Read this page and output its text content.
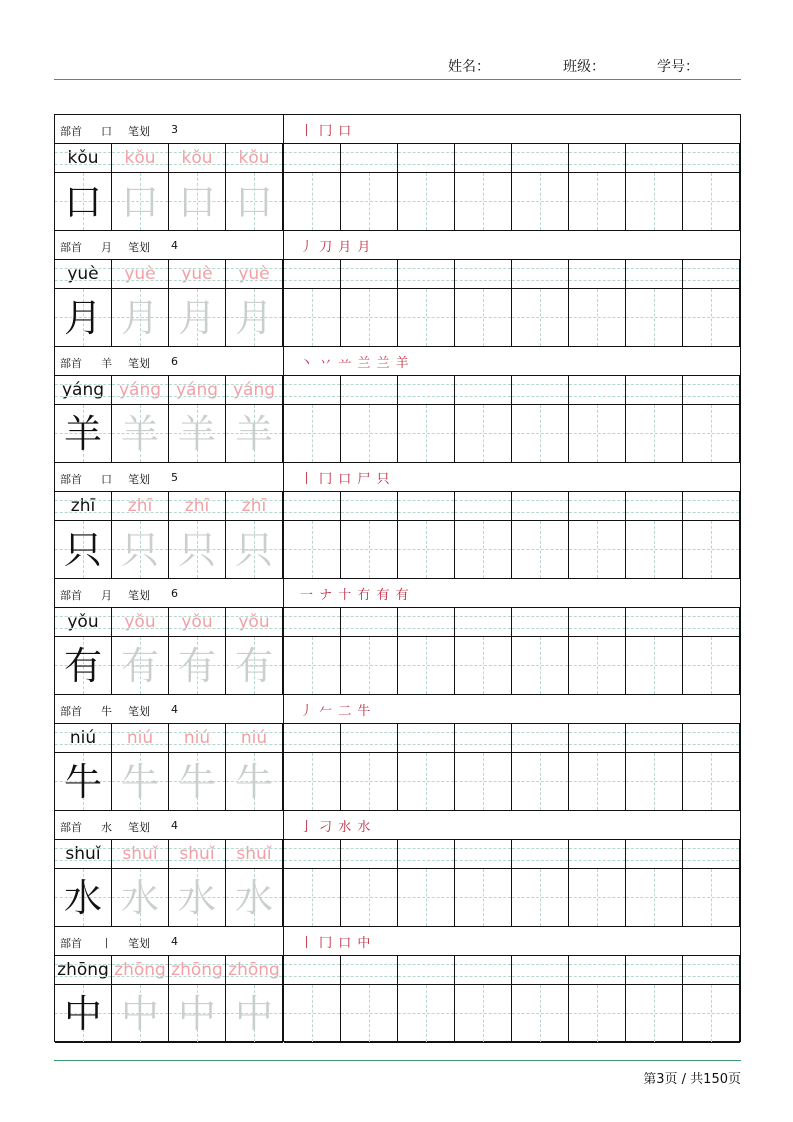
姓名：	班级：	学号：
部首 口 笔划 3	丨 冂 口
kǒu	kǒu	kǒu	kǒu
口 口 口 口
部首 月 笔划 4	丿 刀 月 月
yuè	yuè	yuè	yuè
月 月 月 月
部首 羊 笔划 6	丶 丷 䒑 兰 兰 羊
yáng yáng yáng yáng
羊 羊 羊 羊
部首 口 笔划 5	丨 冂 口 尸 只
zhī	zhī	zhī	zhī
只 只 只 只
部首 月 笔划 6	一 ナ 十 冇 有 有
yǒu	yǒu	yǒu	yǒu
有 有 有 有
部首 牛 笔划 4	丿 𠂉 二 牛
niú	niú	niú	niú
牛 牛 牛 牛
部首 水 笔划 4	亅 刁 水 水
shuǐ	shuǐ	shuǐ	shuǐ
水 水 水 水
部首 丨 笔划 4	丨 冂 口 中
zhōng zhōng zhōng zhōng
中 中 中 中
第3页 / 共150页
